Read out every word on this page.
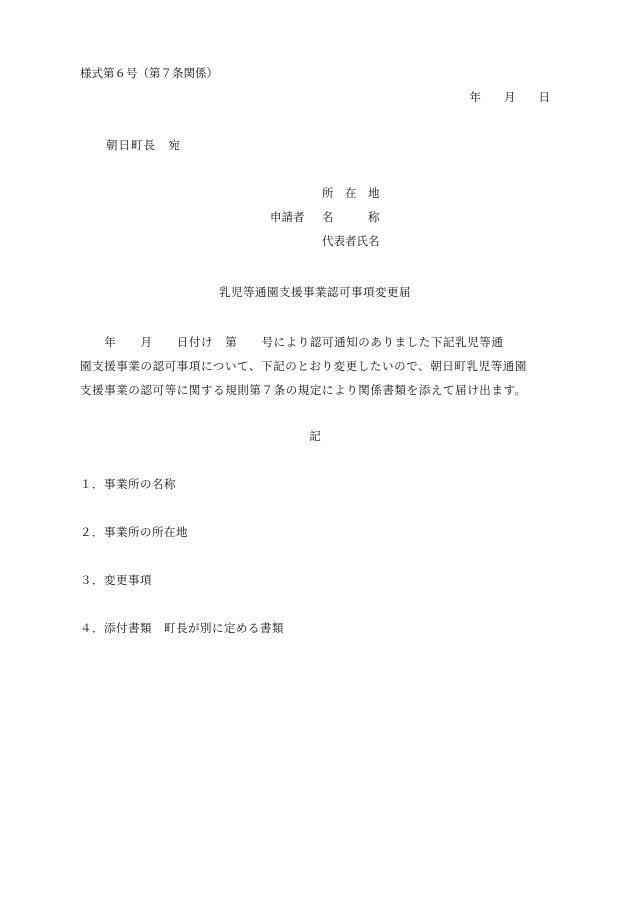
様式第６号（第７条関係）
年　　月　　日
朝日町長　宛
所　在　地
申請者	名　　　称
代表者氏名
乳児等通園支援事業認可事項変更届

　　年　　月　　日付け　第　　号により認可通知のありました下記乳児等通

園支援事業の認可事項について、下記のとおり変更したいので、朝日町乳児等通園

支援事業の認可等に関する規則第７条の規定により関係書類を添えて届け出ます。

記
１．事業所の名称
２．事業所の所在地
３．変更事項
４．添付書類　町長が別に定める書類
